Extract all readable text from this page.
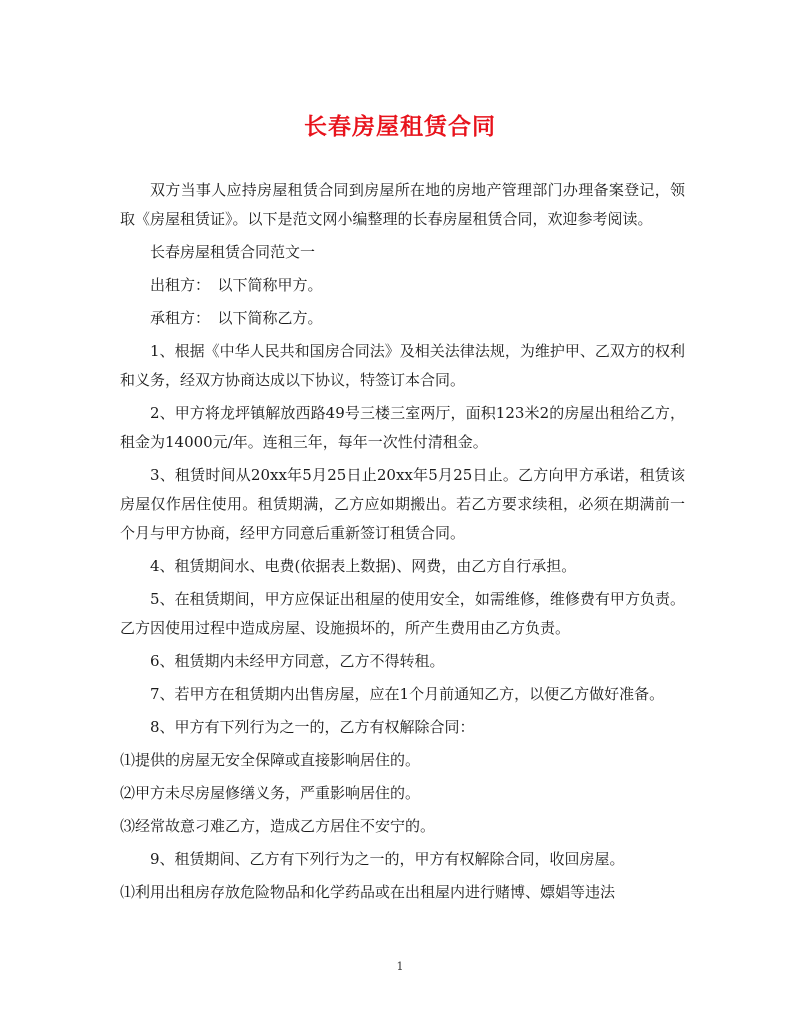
长春房屋租赁合同

双方当事人应持房屋租赁合同到房屋所在地的房地产管理部门办理备案登记，领取《房屋租赁证》。以下是范文网小编整理的长春房屋租赁合同，欢迎参考阅读。

长春房屋租赁合同范文一

出租方：　以下简称甲方。

承租方：　以下简称乙方。

1、根据《中华人民共和国房合同法》及相关法律法规，为维护甲、乙双方的权利和义务，经双方协商达成以下协议，特签订本合同。

2、甲方将龙坪镇解放西路49号三楼三室两厅，面积123米2的房屋出租给乙方，租金为14000元/年。连租三年，每年一次性付清租金。

3、租赁时间从20xx年5月25日止20xx年5月25日止。乙方向甲方承诺，租赁该房屋仅作居住使用。租赁期满，乙方应如期搬出。若乙方要求续租，必须在期满前一个月与甲方协商，经甲方同意后重新签订租赁合同。

4、租赁期间水、电费(依据表上数据)、网费，由乙方自行承担。

5、在租赁期间，甲方应保证出租屋的使用安全，如需维修，维修费有甲方负责。乙方因使用过程中造成房屋、设施损坏的，所产生费用由乙方负责。

6、租赁期内未经甲方同意，乙方不得转租。

7、若甲方在租赁期内出售房屋，应在1个月前通知乙方，以便乙方做好准备。

8、甲方有下列行为之一的，乙方有权解除合同：

⑴提供的房屋无安全保障或直接影响居住的。

⑵甲方未尽房屋修缮义务，严重影响居住的。

⑶经常故意刁难乙方，造成乙方居住不安宁的。

9、租赁期间、乙方有下列行为之一的，甲方有权解除合同，收回房屋。

⑴利用出租房存放危险物品和化学药品或在出租屋内进行赌博、嫖娼等违法

1
